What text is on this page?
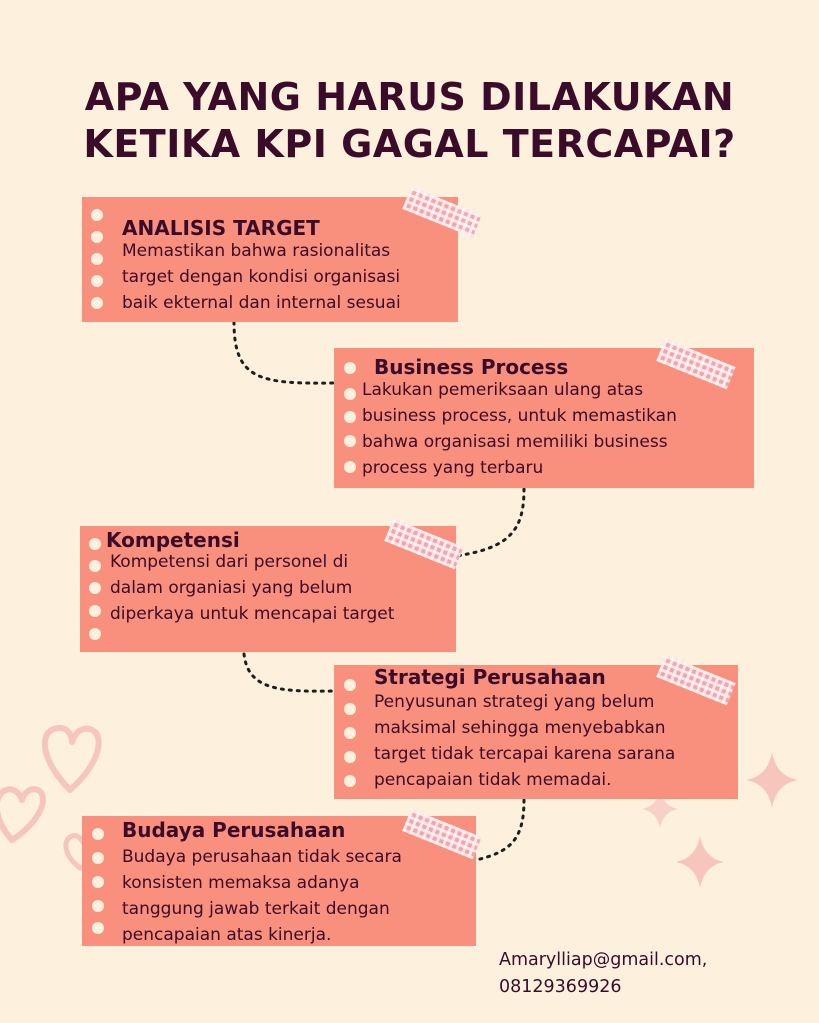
APA YANG HARUS DILAKUKAN
KETIKA KPI GAGAL TERCAPAI?
ANALISIS TARGET
Memastikan bahwa rasionalitas
target dengan kondisi organisasi
baik ekternal dan internal sesuai
Business Process
Lakukan pemeriksaan ulang atas
business process, untuk memastikan
bahwa organisasi memiliki business
process yang terbaru
Kompetensi
Kompetensi dari personel di
dalam organiasi yang belum
diperkaya untuk mencapai target
Strategi Perusahaan
Penyusunan strategi yang belum
maksimal sehingga menyebabkan
target tidak tercapai karena sarana
pencapaian tidak memadai.
Budaya Perusahaan
Budaya perusahaan tidak secara
konsisten memaksa adanya
tanggung jawab terkait dengan
pencapaian atas kinerja.
Amarylliap@gmail.com,
08129369926
